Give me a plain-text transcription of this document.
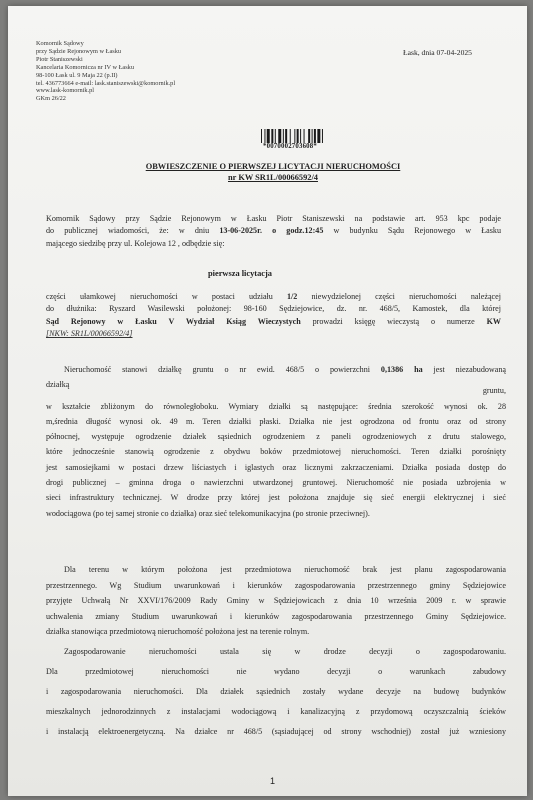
Komornik Sądowy
przy Sądzie Rejonowym w Łasku
Piotr Staniszewski
Kancelaria Komornicza nr IV w Łasku
98-100 Łask ul. 9 Maja 22 (p.II)
tel. 436773664 e-mail: lask.staniszewski@komornik.pl
www.lask-komornik.pl
GKm 26/22
Łask, dnia 07-04-2025
*0070002703608*
OBWIESZCZENIE O PIERWSZEJ LICYTACJI NIERUCHOMOŚCI
nr KW SR1L/00066592/4
Komornik Sądowy przy Sądzie Rejonowym w Łasku Piotr Staniszewski na podstawie art. 953 kpc podaje
do publicznej wiadomości, że: w dniu 13-06-2025r. o godz.12:45 w budynku Sądu Rejonowego w Łasku
mającego siedzibę przy ul. Kolejowa 12 , odbędzie się:
pierwsza licytacja
części ułamkowej nieruchomości w postaci udziału 1/2 niewydzielonej części nieruchomości należącej
do dłużnika: Ryszard Wasilewski położonej: 98-160 Sędziejowice, dz. nr. 468/5, Kamostek, dla której
Sąd Rejonowy w Łasku V Wydział Ksiąg Wieczystych prowadzi księgę wieczystą o numerze KW
[NKW: SR1L/00066592/4]
Nieruchomość stanowi działkę gruntu o nr ewid. 468/5 o powierzchni 0,1386 ha jest niezabudowaną
działką
gruntu,
w kształcie zbliżonym do równoległoboku. Wymiary działki są następujące: średnia szerokość wynosi ok. 28
m,średnia długość wynosi ok. 49 m. Teren działki płaski. Działka nie jest ogrodzona od frontu oraz od strony
północnej, występuje ogrodzenie działek sąsiednich ogrodzeniem z paneli ogrodzeniowych z drutu stalowego,
które jednocześnie stanowią ogrodzenie z obydwu boków przedmiotowej nieruchomości. Teren działki porośnięty
jest samosiejkami w postaci drzew liściastych i iglastych oraz licznymi zakrzaczeniami. Działka posiada dostęp do
drogi publicznej – gminna droga o nawierzchni utwardzonej gruntowej. Nieruchomość nie posiada uzbrojenia w
sieci infrastruktury technicznej. W drodze przy której jest położona znajduje się sieć energii elektrycznej i sieć
wodociągowa (po tej samej stronie co działka) oraz sieć telekomunikacyjna (po stronie przeciwnej).
Dla terenu w którym położona jest przedmiotowa nieruchomość brak jest planu zagospodarowania
przestrzennego. Wg Studium uwarunkowań i kierunków zagospodarowania przestrzennego gminy Sędziejowice
przyjęte Uchwałą Nr XXVI/176/2009 Rady Gminy w Sędziejowicach z dnia 10 września 2009 r. w sprawie
uchwalenia zmiany Studium uwarunkowań i kierunków zagospodarowania przestrzennego Gminy Sędziejowice.
działka stanowiąca przedmiotową nieruchomość położona jest na terenie rolnym.
Zagospodarowanie nieruchomości ustala się w drodze decyzji o zagospodarowaniu.
Dla przedmiotowej nieruchomości nie wydano decyzji o warunkach zabudowy
i zagospodarowania nieruchomości. Dla działek sąsiednich zostały wydane decyzje na budowę budynków
mieszkalnych jednorodzinnych z instalacjami wodociągową i kanalizacyjną z przydomową oczyszczalnią ścieków
i instalacją elektroenergetyczną. Na działce nr 468/5 (sąsiadującej od strony wschodniej) został już wzniesiony
1
